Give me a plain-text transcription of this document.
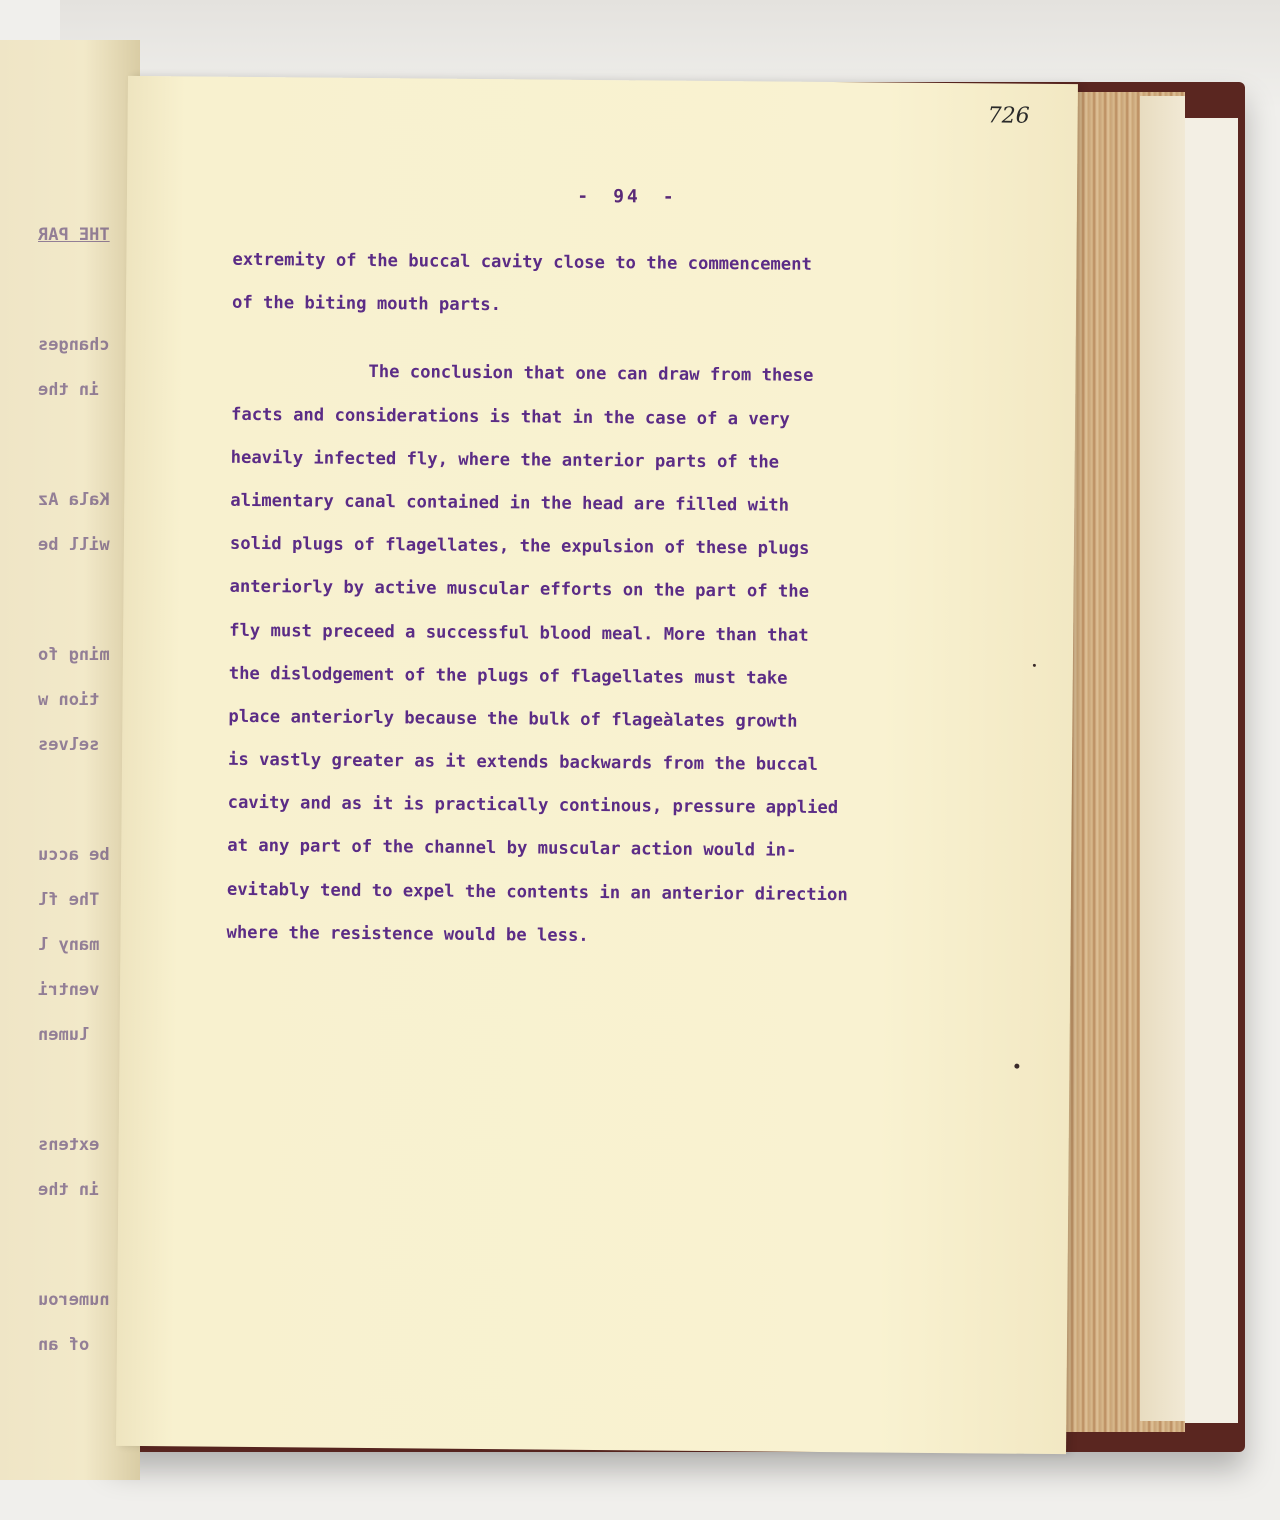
THE PAR
changes
in the
Kala Az
will be
ming fo
tion w
selves
be accu
The fl
many l
ventri
lumen
extens
in the
numerou
of an
726

- 94 -
extremity of the buccal cavity close to the commencement
of the biting mouth parts.
The conclusion that one can draw from these
facts and considerations is that in the case of a very
heavily infected fly, where the anterior parts of the
alimentary canal contained in the head are filled with
solid plugs of flagellates, the expulsion of these plugs
anteriorly by active muscular efforts on the part of the
fly must preceed a successful blood meal. More than that
the dislodgement of the plugs of flagellates must take
place anteriorly because the bulk of flageàlates growth
is vastly greater as it extends backwards from the buccal
cavity and as it is practically continous, pressure applied
at any part of the channel by muscular action would in-
evitably tend to expel the contents in an anterior direction
where the resistence would be less.
